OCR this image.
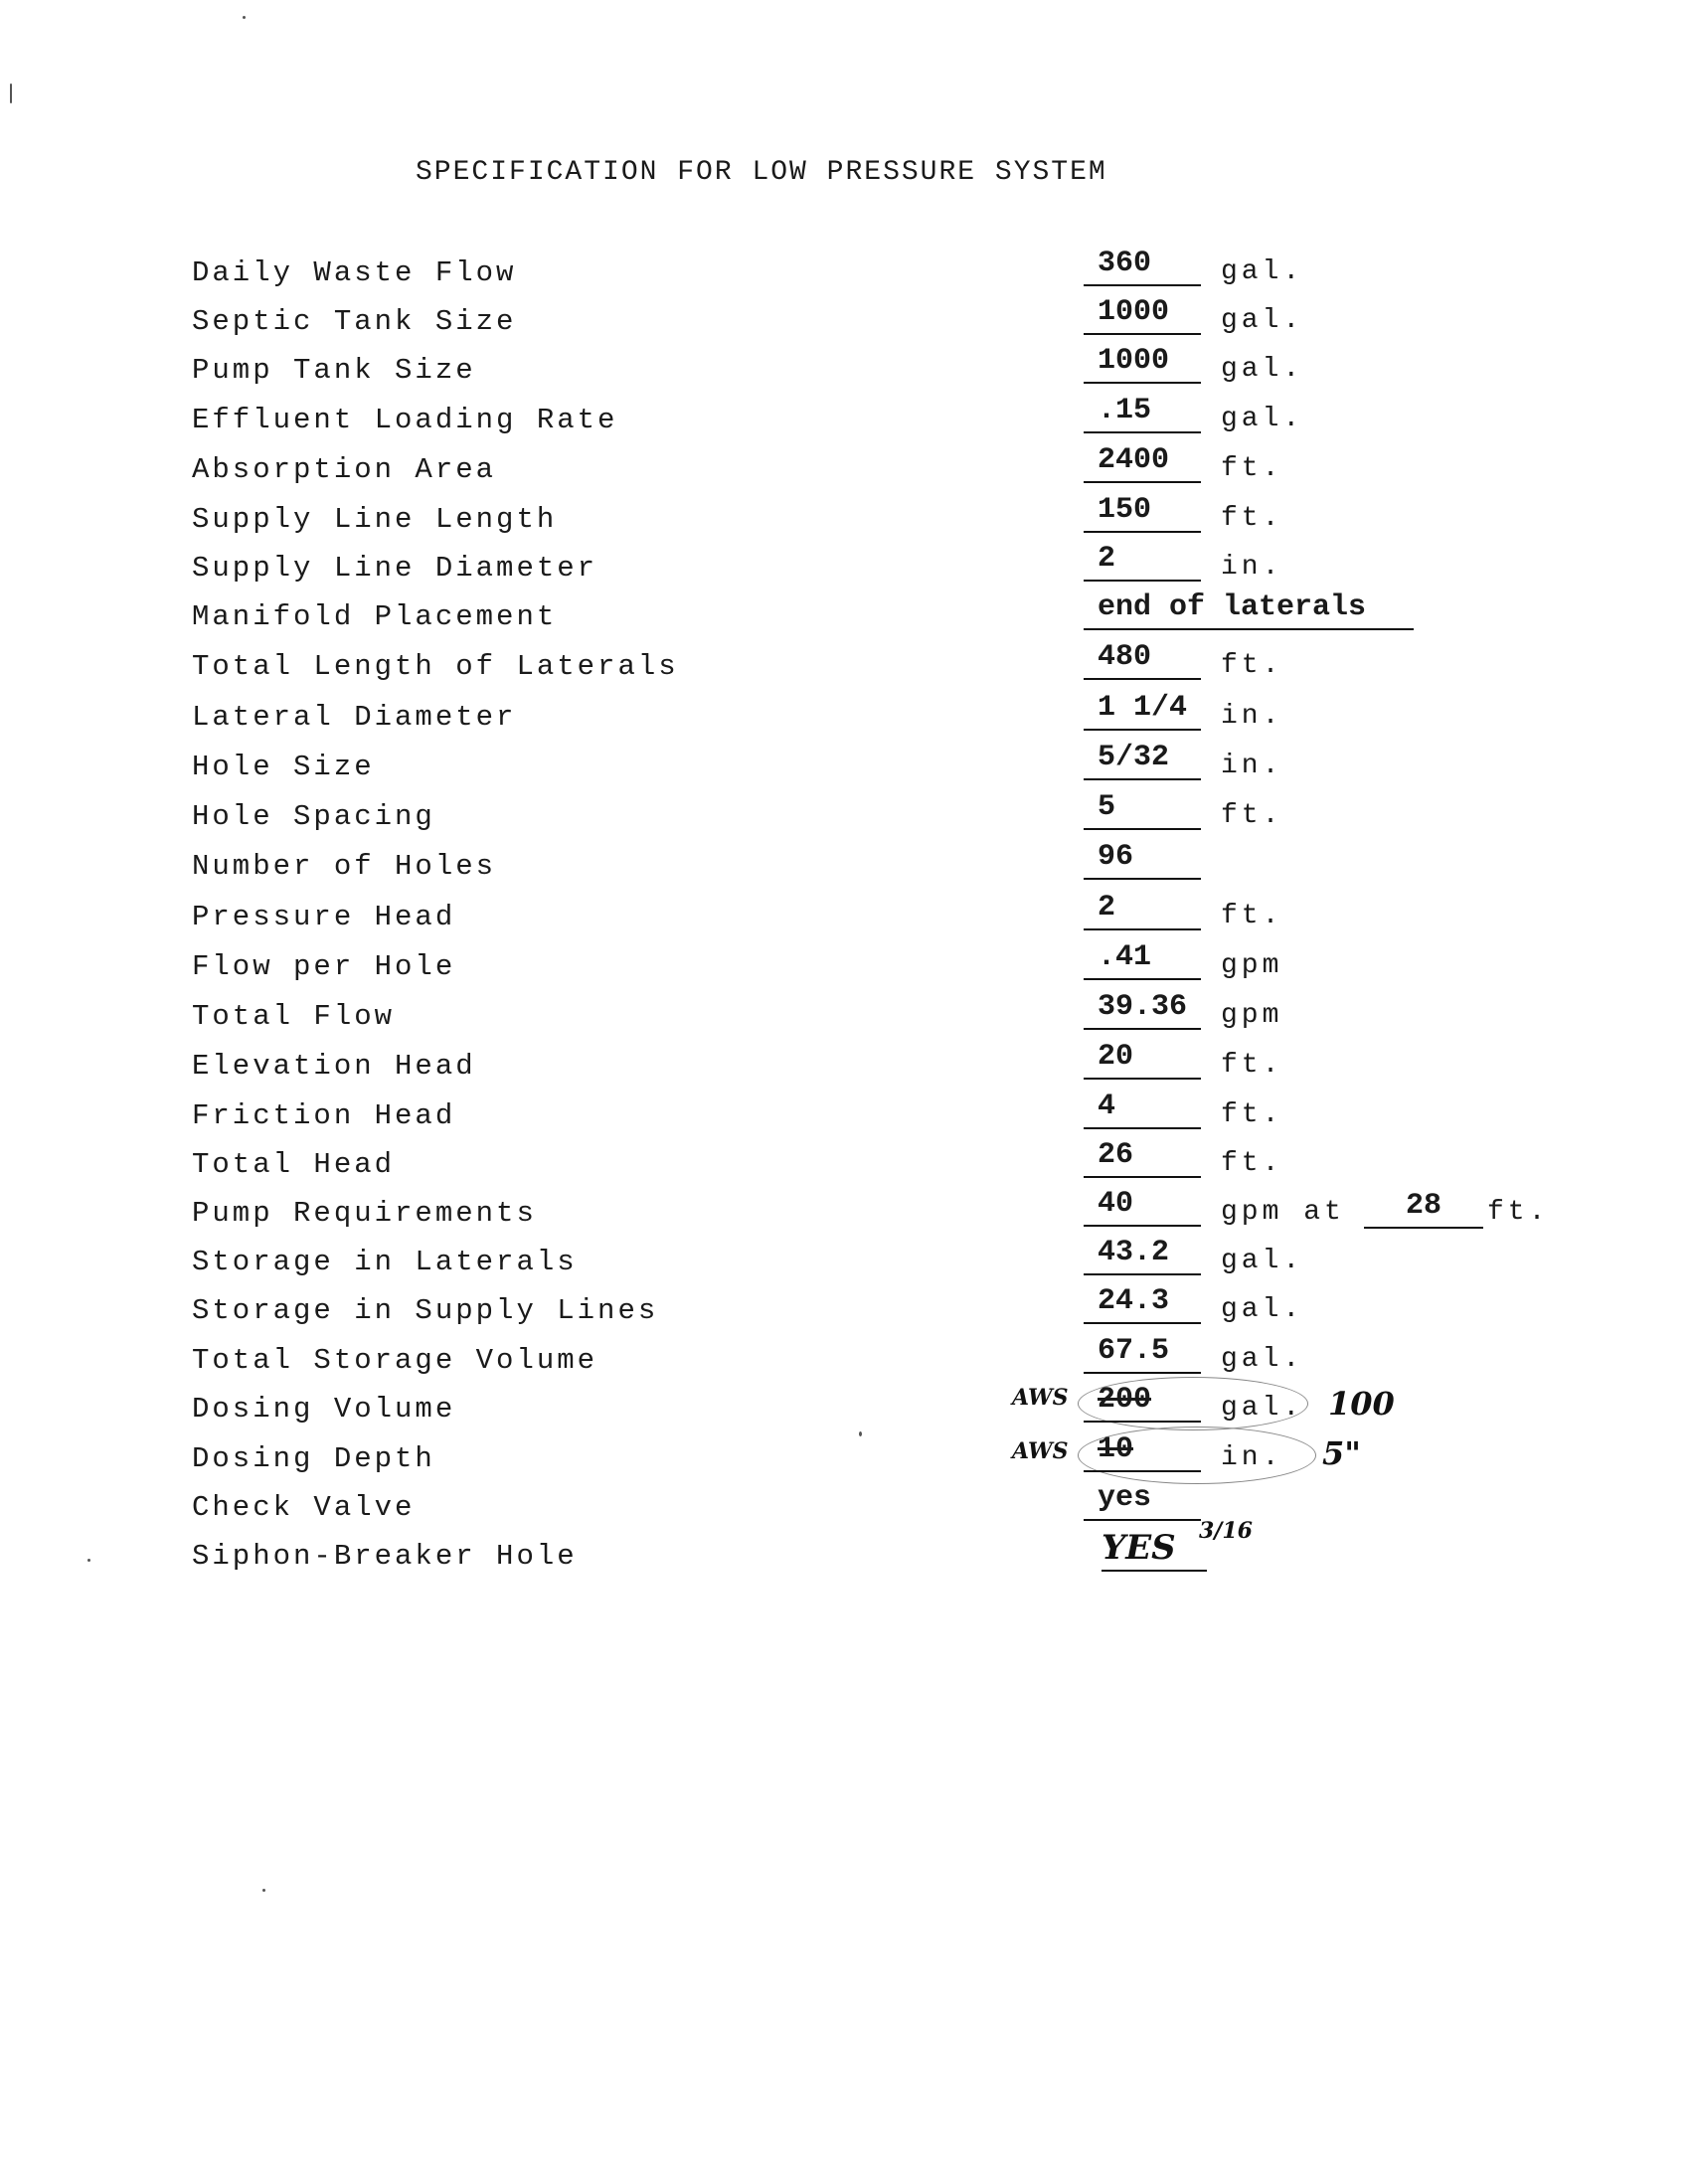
SPECIFICATION FOR LOW PRESSURE SYSTEM
Daily Waste Flow	360	gal.
Septic Tank Size	1000	gal.
Pump Tank Size	1000	gal.
Effluent Loading Rate	.15	gal.
Absorption Area	2400	ft.
Supply Line Length	150	ft.
Supply Line Diameter	2	in.
Manifold Placement	end of laterals
Total Length of Laterals	480	ft.
Lateral Diameter	1 1/4	in.
Hole Size	5/32	in.
Hole Spacing	5	ft.
Number of Holes	96
Pressure Head	2	ft.
Flow per Hole	.41	gpm
Total Flow	39.36	gpm
Elevation Head	20	ft.
Friction Head	4	ft.
Total Head	26	ft.
Pump Requirements	40	gpm at	28	ft.
Storage in Laterals	43.2	gal.
Storage in Supply Lines	24.3	gal.
Total Storage Volume	67.5	gal.
Dosing Volume	AWS 200	gal. 100
Dosing Depth	AWS 10	in. 5"
Check Valve	yes
Siphon-Breaker Hole	YES	3/16
